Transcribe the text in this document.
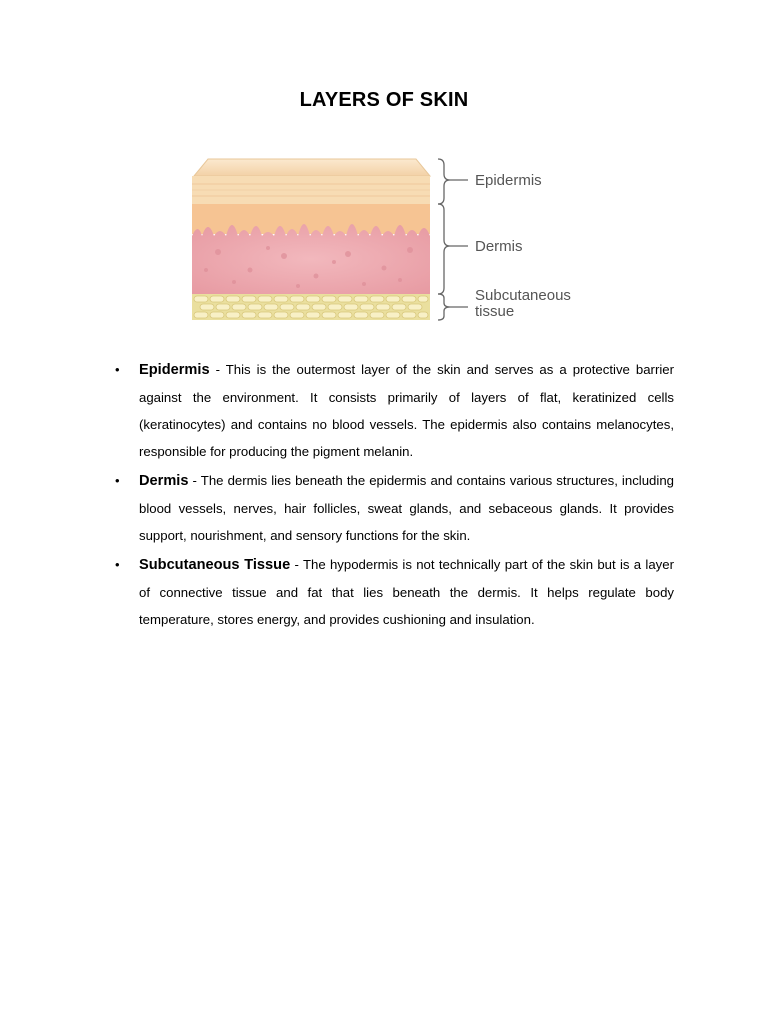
LAYERS OF SKIN
Epidermis
Dermis
Subcutaneous
tissue
• Epidermis - This is the outermost layer of the skin and serves as a protective barrier against the environment. It consists primarily of layers of flat, keratinized cells (keratinocytes) and contains no blood vessels. The epidermis also contains melanocytes, responsible for producing the pigment melanin.
• Dermis - The dermis lies beneath the epidermis and contains various structures, including blood vessels, nerves, hair follicles, sweat glands, and sebaceous glands. It provides support, nourishment, and sensory functions for the skin.
• Subcutaneous Tissue - The hypodermis is not technically part of the skin but is a layer of connective tissue and fat that lies beneath the dermis. It helps regulate body temperature, stores energy, and provides cushioning and insulation.
